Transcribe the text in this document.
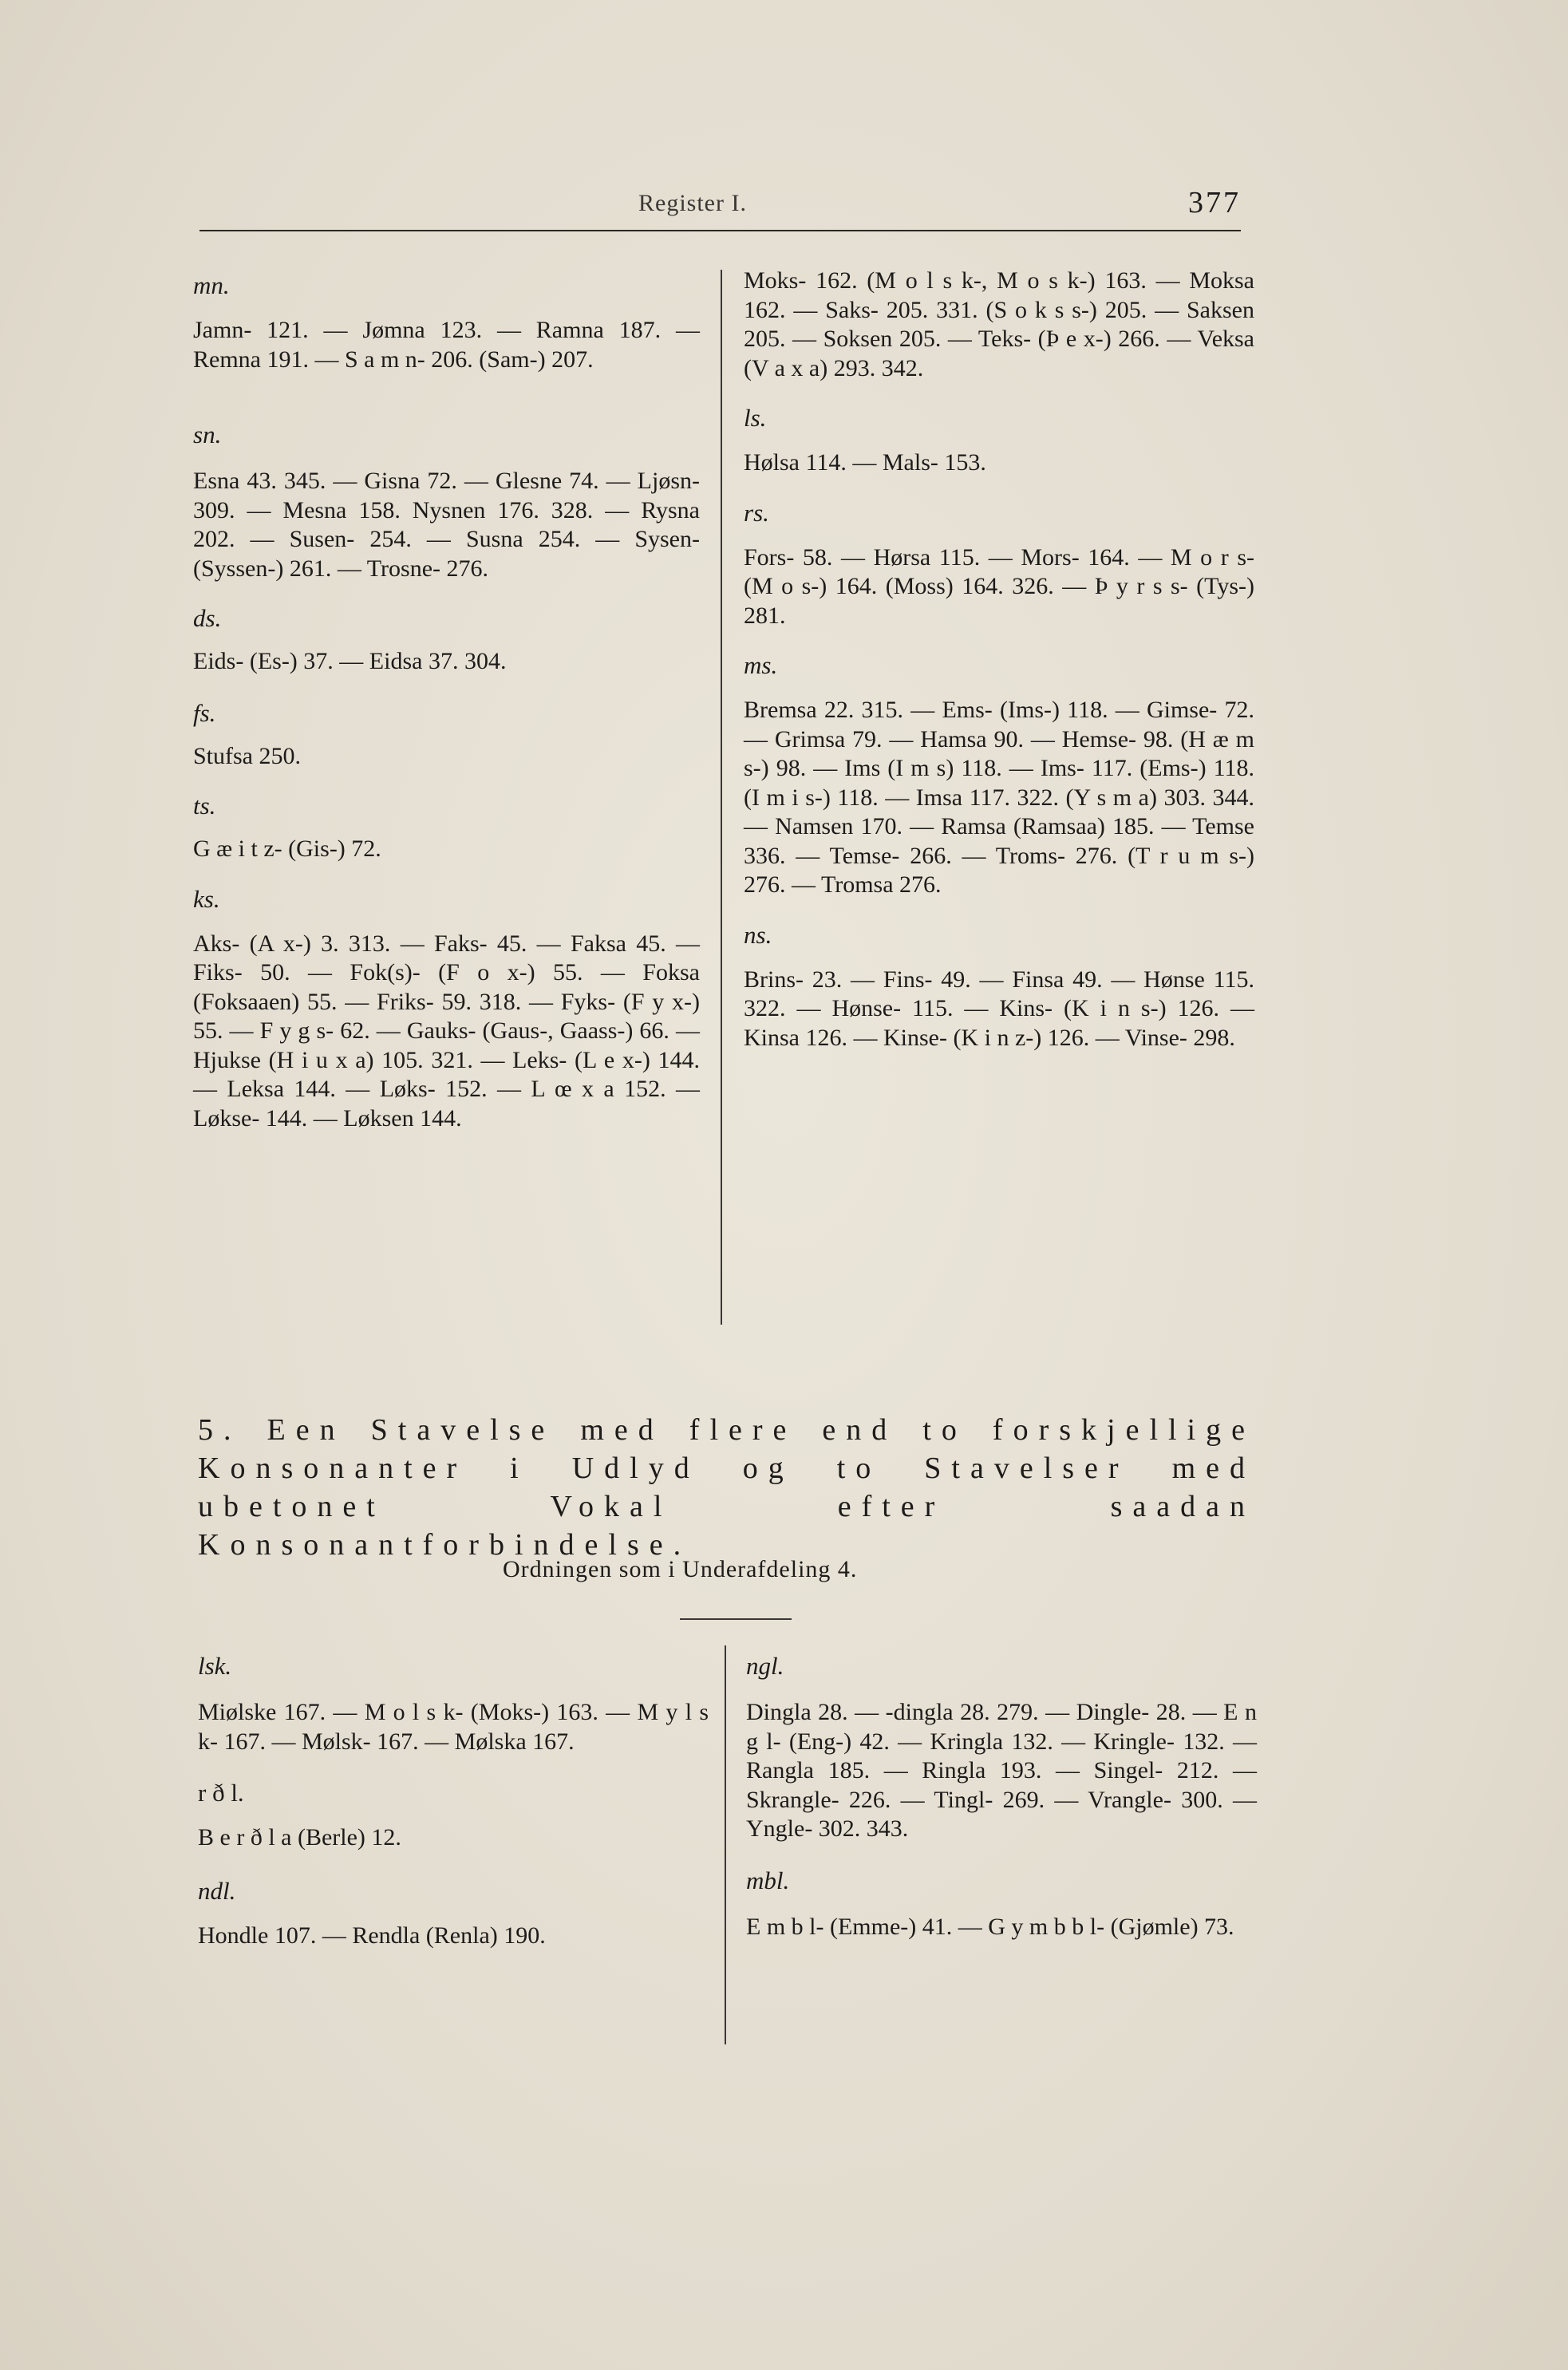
Register I.	377
mn.
Jamn- 121. — Jømna 123. — Ramna 187. — Remna 191. — S a m n- 206. (Sam-) 207.
sn.
Esna 43. 345. — Gisna 72. — Glesne 74. — Ljøsn- 309. — Mesna 158. Nysnen 176. 328. — Rysna 202. — Susen- 254. — Susna 254. — Sysen- (Syssen-) 261. — Trosne- 276.
ds.
Eids- (Es-) 37. — Eidsa 37. 304.
fs.
Stufsa 250.
ts.
G æ i t z- (Gis-) 72.
ks.
Aks- (A x-) 3. 313. — Faks- 45. — Faksa 45. — Fiks- 50. — Fok(s)- (F o x-) 55. — Foksa (Foksaaen) 55. — Friks- 59. 318. — Fyks- (F y x-) 55. — F y g s- 62. — Gauks- (Gaus-, Gaass-) 66. — Hjukse (H i u x a) 105. 321. — Leks- (L e x-) 144. — Leksa 144. — Løks- 152. — L œ x a 152. — Løkse- 144. — Løksen 144.
Moks- 162. (M o l s k-, M o s k-) 163. — Moksa 162. — Saks- 205. 331. (S o k s s-) 205. — Saksen 205. — Soksen 205. — Teks- (Þ e x-) 266. — Veksa (V a x a) 293. 342.
ls.
Hølsa 114. — Mals- 153.
rs.
Fors- 58. — Hørsa 115. — Mors- 164. — M o r s- (M o s-) 164. (Moss) 164. 326. — Þ y r s s- (Tys-) 281.
ms.
Bremsa 22. 315. — Ems- (Ims-) 118. — Gimse- 72. — Grimsa 79. — Hamsa 90. — Hemse- 98. (H æ m s-) 98. — Ims (I m s) 118. — Ims- 117. (Ems-) 118. (I m i s-) 118. — Imsa 117. 322. (Y s m a) 303. 344. — Namsen 170. — Ramsa (Ramsaa) 185. — Temse 336. — Temse- 266. — Troms- 276. (T r u m s-) 276. — Tromsa 276.
ns.
Brins- 23. — Fins- 49. — Finsa 49. — Hønse 115. 322. — Hønse- 115. — Kins- (K i n s-) 126. — Kinsa 126. — Kinse- (K i n z-) 126. — Vinse- 298.
5. Een Stavelse med flere end to forskjellige Konsonanter i Udlyd og to Stavelser med ubetonet Vokal efter saadan Konsonantforbindelse.
Ordningen som i Underafdeling 4.
lsk.
Miølske 167. — M o l s k- (Moks-) 163. — M y l s k- 167. — Mølsk- 167. — Mølska 167.
r ð l.
B e r ð l a (Berle) 12.
ndl.
Hondle 107. — Rendla (Renla) 190.
ngl.
Dingla 28. — -dingla 28. 279. — Dingle- 28. — E n g l- (Eng-) 42. — Kringla 132. — Kringle- 132. — Rangla 185. — Ringla 193. — Singel- 212. — Skrangle- 226. — Tingl- 269. — Vrangle- 300. — Yngle- 302. 343.
mbl.
E m b l- (Emme-) 41. — G y m b b l- (Gjømle) 73.
